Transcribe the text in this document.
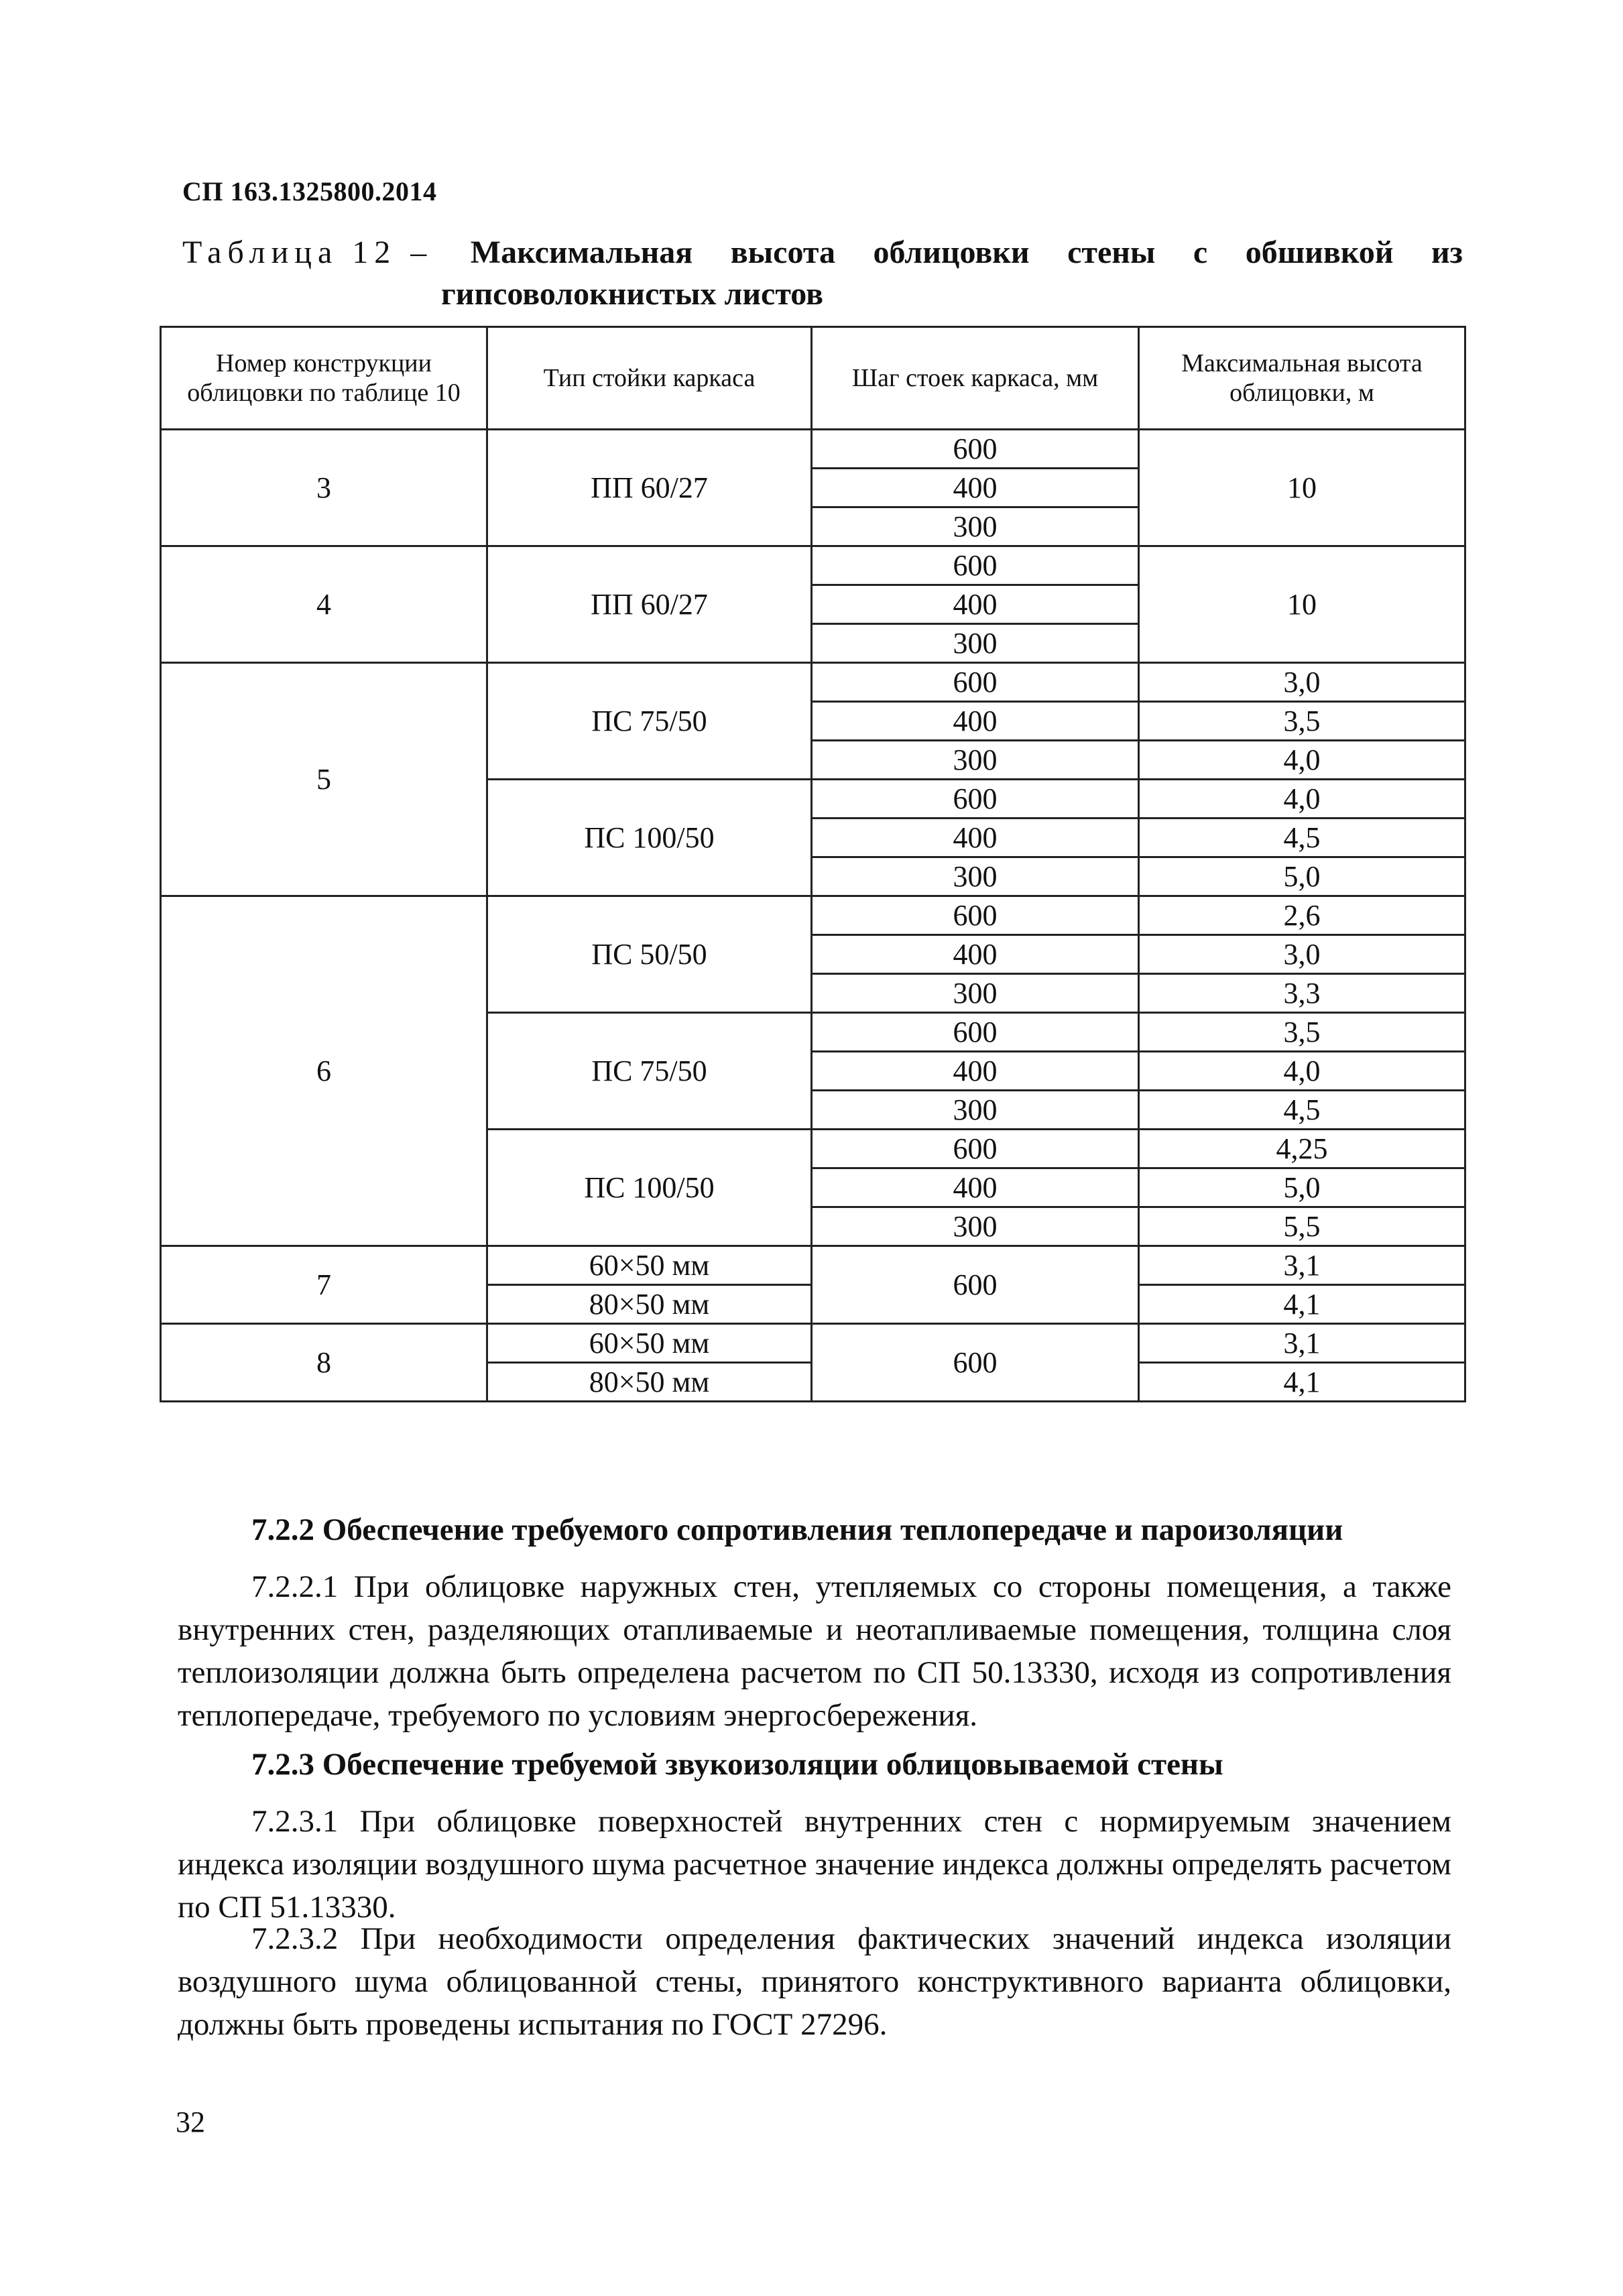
СП 163.1325800.2014
Таблица 12 – Максимальная высота облицовки стены с обшивкой из
гипсоволокнистых листов
Номер конструкции облицовки по таблице 10	Тип стойки каркаса	Шаг стоек каркаса, мм	Максимальная высота облицовки, м
3	ПП 60/27	600	10
		400	
		300	
4	ПП 60/27	600	10
		400	
		300	
5	ПС 75/50	600	3,0
		400	3,5
		300	4,0
	ПС 100/50	600	4,0
		400	4,5
		300	5,0
6	ПС 50/50	600	2,6
		400	3,0
		300	3,3
	ПС 75/50	600	3,5
		400	4,0
		300	4,5
	ПС 100/50	600	4,25
		400	5,0
		300	5,5
7	60×50 мм	600	3,1
	80×50 мм		4,1
8	60×50 мм	600	3,1
	80×50 мм		4,1
7.2.2 Обеспечение требуемого сопротивления теплопередаче и пароизоляции

7.2.2.1 При облицовке наружных стен, утепляемых со стороны помещения, а также внутренних стен, разделяющих отапливаемые и неотапливаемые помещения, толщина слоя теплоизоляции должна быть определена расчетом по СП 50.13330, исходя из сопротивления теплопередаче, требуемого по условиям энергосбережения.

7.2.3 Обеспечение требуемой звукоизоляции облицовываемой стены

7.2.3.1 При облицовке поверхностей внутренних стен с нормируемым значением индекса изоляции воздушного шума расчетное значение индекса должны определять расчетом по СП 51.13330.

7.2.3.2 При необходимости определения фактических значений индекса изоляции воздушного шума облицованной стены, принятого конструктивного варианта облицовки, должны быть проведены испытания по ГОСТ 27296.

32
